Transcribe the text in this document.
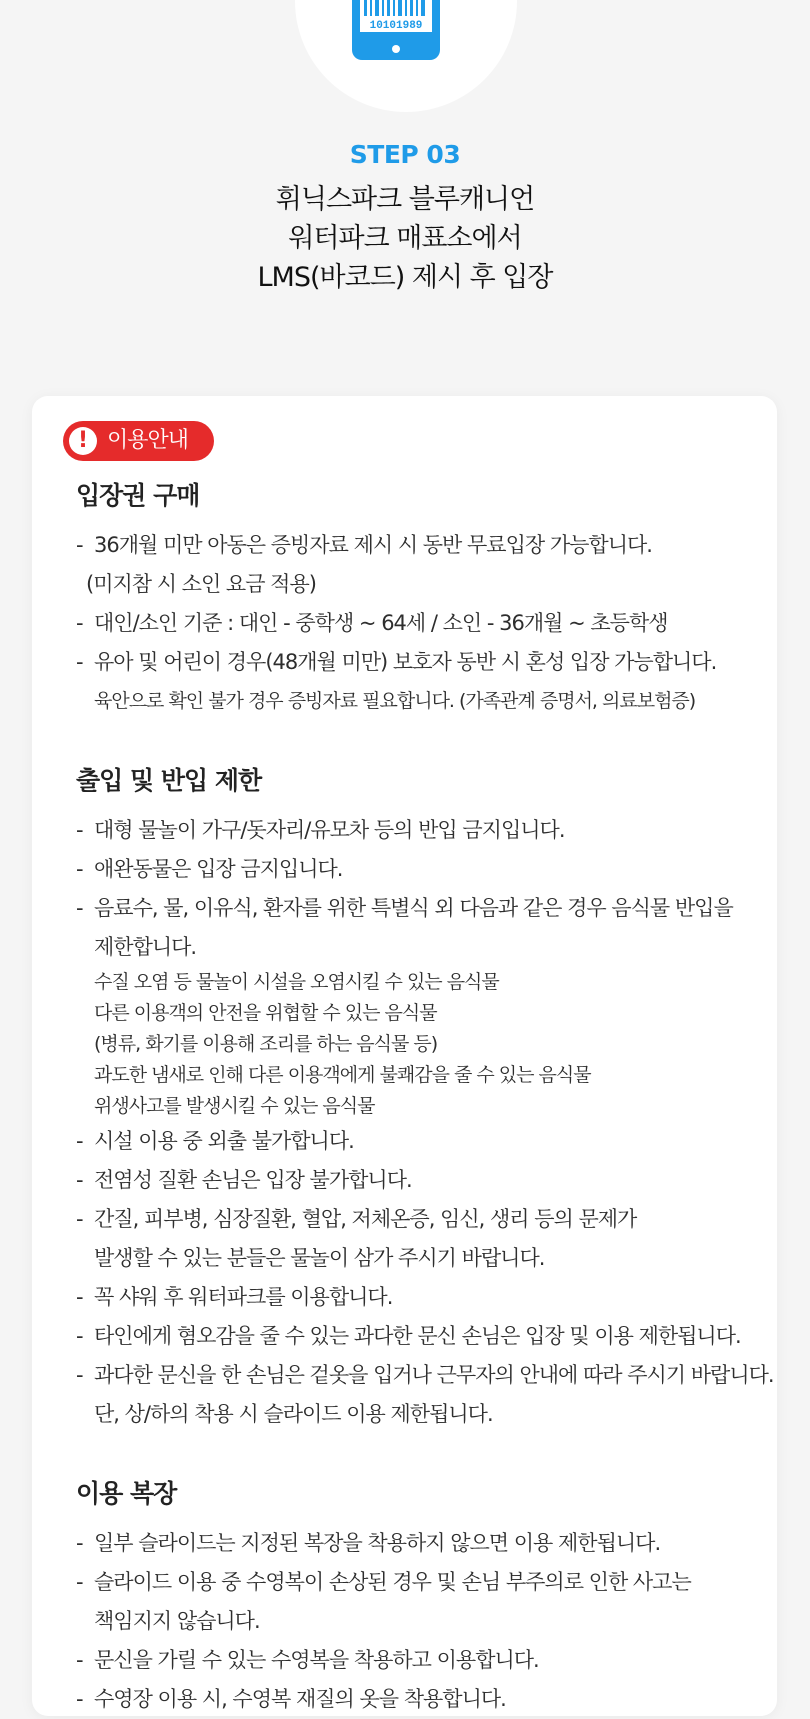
10101989
STEP 03
휘닉스파크 블루캐니언
워터파크 매표소에서
LMS(바코드) 제시 후 입장
! 이용안내
입장권 구매
- 36개월 미만 아동은 증빙자료 제시 시 동반 무료입장 가능합니다.
(미지참 시 소인 요금 적용)
- 대인/소인 기준 : 대인 - 중학생 ~ 64세 / 소인 - 36개월 ~ 초등학생
- 유아 및 어린이 경우(48개월 미만) 보호자 동반 시 혼성 입장 가능합니다.
육안으로 확인 불가 경우 증빙자료 필요합니다. (가족관계 증명서, 의료보험증)
출입 및 반입 제한
- 대형 물놀이 가구/돗자리/유모차 등의 반입 금지입니다.
- 애완동물은 입장 금지입니다.
- 음료수, 물, 이유식, 환자를 위한 특별식 외 다음과 같은 경우 음식물 반입을
제한합니다.
수질 오염 등 물놀이 시설을 오염시킬 수 있는 음식물
다른 이용객의 안전을 위협할 수 있는 음식물
(병류, 화기를 이용해 조리를 하는 음식물 등)
과도한 냄새로 인해 다른 이용객에게 불쾌감을 줄 수 있는 음식물
위생사고를 발생시킬 수 있는 음식물
- 시설 이용 중 외출 불가합니다.
- 전염성 질환 손님은 입장 불가합니다.
- 간질, 피부병, 심장질환, 혈압, 저체온증, 임신, 생리 등의 문제가
발생할 수 있는 분들은 물놀이 삼가 주시기 바랍니다.
- 꼭 샤워 후 워터파크를 이용합니다.
- 타인에게 혐오감을 줄 수 있는 과다한 문신 손님은 입장 및 이용 제한됩니다.
- 과다한 문신을 한 손님은 겉옷을 입거나 근무자의 안내에 따라 주시기 바랍니다.
단, 상/하의 착용 시 슬라이드 이용 제한됩니다.
이용 복장
- 일부 슬라이드는 지정된 복장을 착용하지 않으면 이용 제한됩니다.
- 슬라이드 이용 중 수영복이 손상된 경우 및 손님 부주의로 인한 사고는
책임지지 않습니다.
- 문신을 가릴 수 있는 수영복을 착용하고 이용합니다.
- 수영장 이용 시, 수영복 재질의 옷을 착용합니다.
